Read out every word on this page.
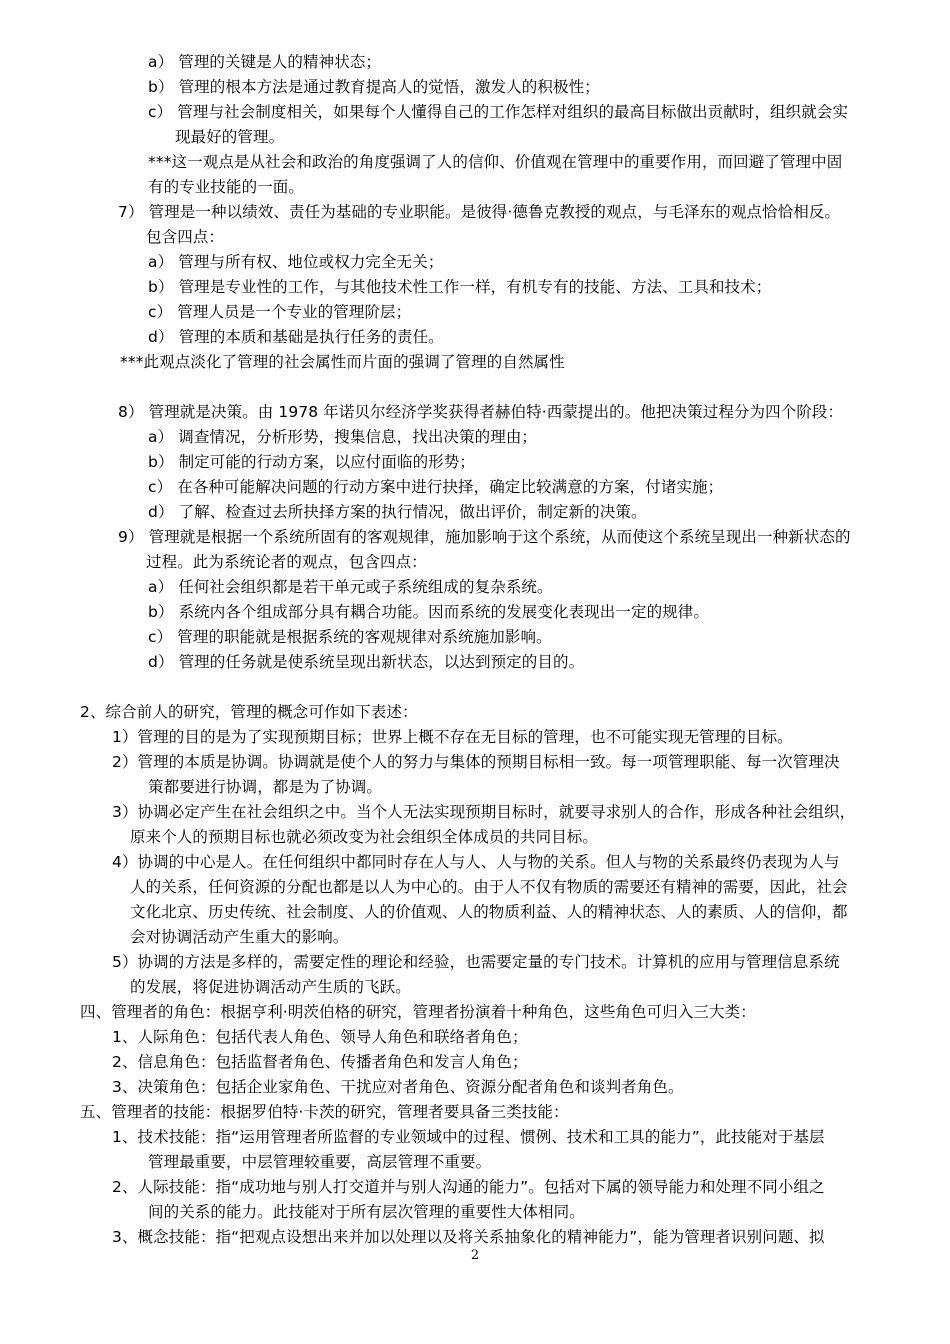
a） 管理的关键是人的精神状态；
b） 管理的根本方法是通过教育提高人的觉悟，激发人的积极性；
c） 管理与社会制度相关，如果每个人懂得自己的工作怎样对组织的最高目标做出贡献时，组织就会实
现最好的管理。
***这一观点是从社会和政治的角度强调了人的信仰、价值观在管理中的重要作用，而回避了管理中固
有的专业技能的一面。
7） 管理是一种以绩效、责任为基础的专业职能。是彼得·德鲁克教授的观点，与毛泽东的观点恰恰相反。
包含四点：
a） 管理与所有权、地位或权力完全无关；
b） 管理是专业性的工作，与其他技术性工作一样，有机专有的技能、方法、工具和技术；
c） 管理人员是一个专业的管理阶层；
d） 管理的本质和基础是执行任务的责任。
***此观点淡化了管理的社会属性而片面的强调了管理的自然属性
8） 管理就是决策。由 1978 年诺贝尔经济学奖获得者赫伯特·西蒙提出的。他把决策过程分为四个阶段：
a） 调查情况，分析形势，搜集信息，找出决策的理由；
b） 制定可能的行动方案，以应付面临的形势；
c） 在各种可能解决问题的行动方案中进行抉择，确定比较满意的方案，付诸实施；
d） 了解、检查过去所抉择方案的执行情况，做出评价，制定新的决策。
9） 管理就是根据一个系统所固有的客观规律，施加影响于这个系统，从而使这个系统呈现出一种新状态的
过程。此为系统论者的观点，包含四点：
a） 任何社会组织都是若干单元或子系统组成的复杂系统。
b） 系统内各个组成部分具有耦合功能。因而系统的发展变化表现出一定的规律。
c） 管理的职能就是根据系统的客观规律对系统施加影响。
d） 管理的任务就是使系统呈现出新状态，以达到预定的目的。
2、综合前人的研究，管理的概念可作如下表述：
1）管理的目的是为了实现预期目标；世界上概不存在无目标的管理，也不可能实现无管理的目标。
2）管理的本质是协调。协调就是使个人的努力与集体的预期目标相一致。每一项管理职能、每一次管理决
策都要进行协调，都是为了协调。
3）协调必定产生在社会组织之中。当个人无法实现预期目标时，就要寻求别人的合作，形成各种社会组织，
原来个人的预期目标也就必须改变为社会组织全体成员的共同目标。
4）协调的中心是人。在任何组织中都同时存在人与人、人与物的关系。但人与物的关系最终仍表现为人与
人的关系，任何资源的分配也都是以人为中心的。由于人不仅有物质的需要还有精神的需要，因此，社会
文化北京、历史传统、社会制度、人的价值观、人的物质利益、人的精神状态、人的素质、人的信仰，都
会对协调活动产生重大的影响。
5）协调的方法是多样的，需要定性的理论和经验，也需要定量的专门技术。计算机的应用与管理信息系统
的发展，将促进协调活动产生质的飞跃。
四、管理者的角色：根据亨利·明茨伯格的研究，管理者扮演着十种角色，这些角色可归入三大类：
1、人际角色：包括代表人角色、领导人角色和联络者角色；
2、信息角色：包括监督者角色、传播者角色和发言人角色；
3、决策角色：包括企业家角色、干扰应对者角色、资源分配者角色和谈判者角色。
五、管理者的技能：根据罗伯特·卡茨的研究，管理者要具备三类技能：
1、技术技能：指“运用管理者所监督的专业领域中的过程、惯例、技术和工具的能力”，此技能对于基层
管理最重要，中层管理较重要，高层管理不重要。
2、人际技能：指“成功地与别人打交道并与别人沟通的能力”。包括对下属的领导能力和处理不同小组之
间的关系的能力。此技能对于所有层次管理的重要性大体相同。
3、概念技能：指“把观点设想出来并加以处理以及将关系抽象化的精神能力”，能为管理者识别问题、拟
2
